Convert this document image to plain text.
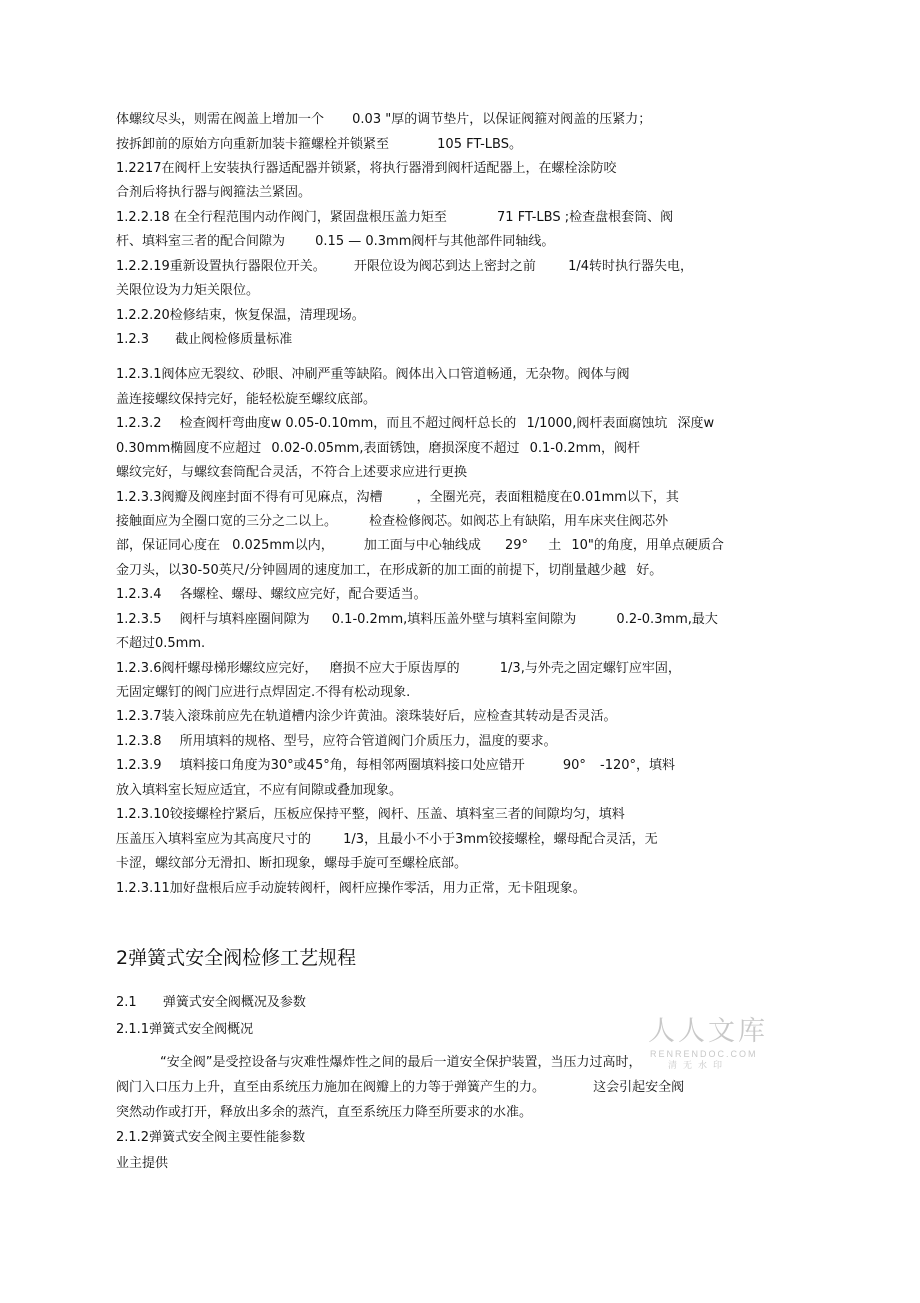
体螺纹尽头，则需在阀盖上增加一个 0.03 "厚的调节垫片，以保证阀箍对阀盖的压紧力；
按拆卸前的原始方向重新加装卡箍螺栓并锁紧至	105 FT-LBS。
1.2217在阀杆上安装执行器适配器并锁紧，将执行器滑到阀杆适配器上，在螺栓涂防咬
合剂后将执行器与阀箍法兰紧固。
1.2.2.18 在全行程范围内动作阀门，紧固盘根压盖力矩至	71 FT-LBS ;检查盘根套筒、阀
杆、填料室三者的配合间隙为 0.15 — 0.3mm阀杆与其他部件同轴线。
1.2.2.19重新设置执行器限位开关。 开限位设为阀芯到达上密封之前 1/4转时执行器失电，
关限位设为力矩关限位。
1.2.2.20检修结束，恢复保温，清理现场。
1.2.3 截止阀检修质量标准
1.2.3.1阀体应无裂纹、砂眼、冲刷严重等缺陷。阀体出入口管道畅通，无杂物。阀体与阀
盖连接螺纹保持完好，能轻松旋至螺纹底部。
1.2.3.2 检查阀杆弯曲度w 0.05-0.10mm，而且不超过阀杆总长的 1/1000,阀杆表面腐蚀坑 深度w
0.30mm椭圆度不应超过 0.02-0.05mm,表面锈蚀，磨损深度不超过 0.1-0.2mm，阀杆
螺纹完好，与螺纹套筒配合灵活，不符合上述要求应进行更换
1.2.3.3阀瓣及阀座封面不得有可见麻点，沟槽	，全圈光亮，表面粗糙度在0.01mm以下，其
接触面应为全圈口宽的三分之二以上。 检查检修阀芯。如阀芯上有缺陷，用车床夹住阀芯外
部，保证同心度在 0.025mm以内， 加工面与中心轴线成 29° 土 10"的角度，用单点硬质合
金刀头，以30-50英尺/分钟圆周的速度加工，在形成新的加工面的前提下，切削量越少越 好。
1.2.3.4 各螺栓、螺母、螺纹应完好，配合要适当。
1.2.3.5 阀杆与填料座圈间隙为 0.1-0.2mm,填料压盖外壁与填料室间隙为	0.2-0.3mm,最大
不超过0.5mm.
1.2.3.6阀杆螺母梯形螺纹应完好， 磨损不应大于原齿厚的	1/3,与外壳之固定螺钉应牢固，
无固定螺钉的阀门应进行点焊固定.不得有松动现象.
1.2.3.7装入滚珠前应先在轨道槽内涂少许黄油。滚珠装好后，应检查其转动是否灵活。
1.2.3.8 所用填料的规格、型号，应符合管道阀门介质压力，温度的要求。
1.2.3.9 填料接口角度为30°或45°角，每相邻两圈填料接口处应错开	90° -120°，填料
放入填料室长短应适宜，不应有间隙或叠加现象。
1.2.3.10铰接螺栓拧紧后，压板应保持平整，阀杆、压盖、填料室三者的间隙均匀，填料
压盖压入填料室应为其高度尺寸的 1/3，且最小不小于3mm铰接螺栓，螺母配合灵活，无
卡涩，螺纹部分无滑扣、断扣现象，螺母手旋可至螺栓底部。
1.2.3.11加好盘根后应手动旋转阀杆，阀杆应操作零活，用力正常，无卡阻现象。
2弹簧式安全阀检修工艺规程
2.1 弹簧式安全阀概况及参数
2.1.1弹簧式安全阀概况
“安全阀”是受控设备与灾难性爆炸性之间的最后一道安全保护装置，当压力过高时，
阀门入口压力上升，直至由系统压力施加在阀瓣上的力等于弹簧产生的力。	这会引起安全阀
突然动作或打开，释放出多余的蒸汽，直至系统压力降至所要求的水准。
2.1.2弹簧式安全阀主要性能参数
业主提供
人人文库
RENRENDOC.COM
清无水印
